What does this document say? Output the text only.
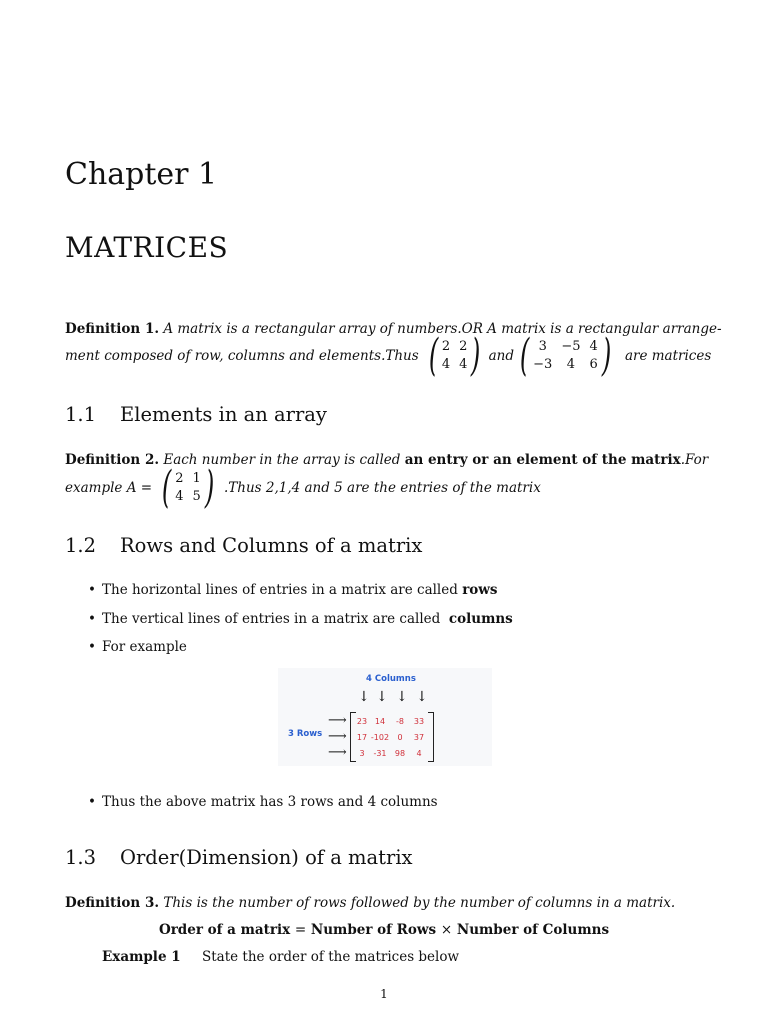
Chapter 1
MATRICES
Definition 1. A matrix is a rectangular array of numbers.OR A matrix is a rectangular arrange-
ment composed of row, columns and elements.Thus ( 2 2
4 4 ) and ( 3	−5 4
−3	4	6 ) are matrices
1.1 Elements in an array
Definition 2. Each number in the array is called an entry or an element of the matrix.For
example A = ( 2 1
4 5 ) .Thus 2,1,4 and 5 are the entries of the matrix
1.2 Rows and Columns of a matrix
• The horizontal lines of entries in a matrix are called rows
• The vertical lines of entries in a matrix are called columns
• For example
4 Columns
↓ ↓ ↓ ↓
3 Rows
⟶
⟶
⟶
23 14	-8	33
17 -102	0	37
3	-31	98	4
• Thus the above matrix has 3 rows and 4 columns
1.3 Order(Dimension) of a matrix
Definition 3. This is the number of rows followed by the number of columns in a matrix.
Order of a matrix = Number of Rows × Number of Columns
Example 1 State the order of the matrices below
1
